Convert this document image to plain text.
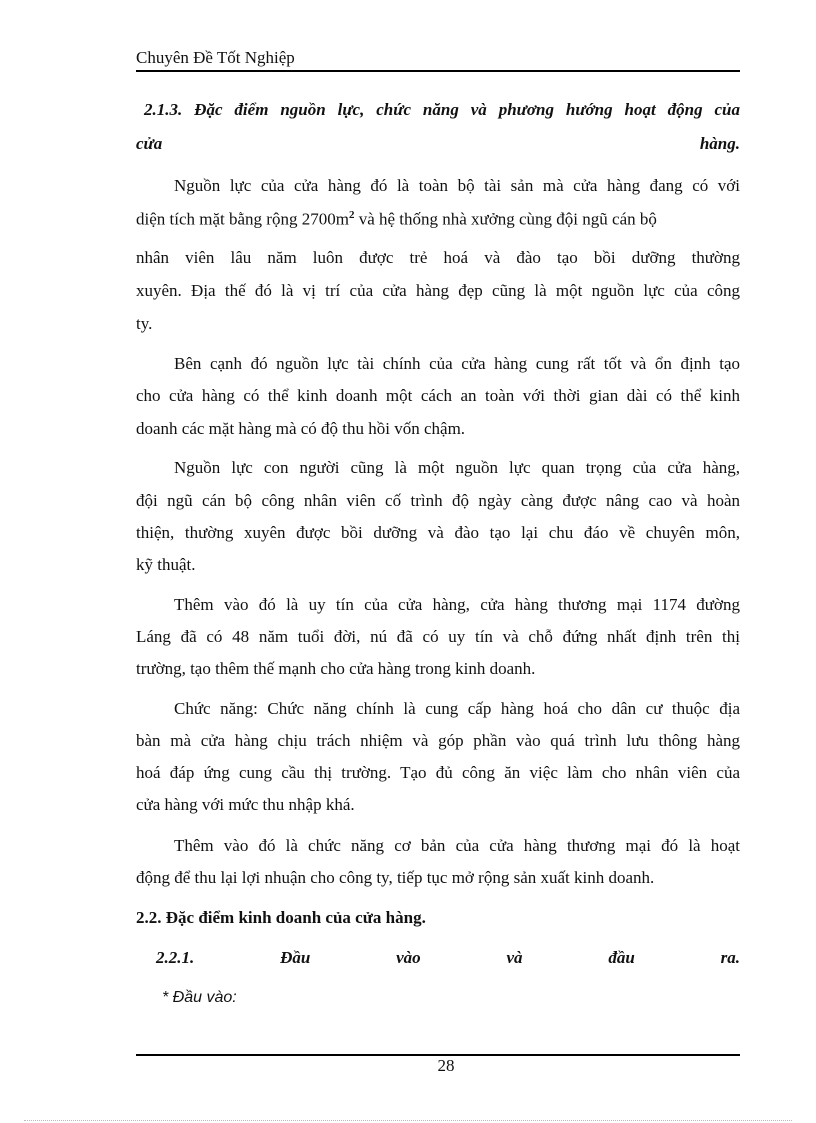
Chuyên Đề Tốt Nghiệp
2.1.3. Đặc điểm nguồn lực, chức năng và phương hướng hoạt động của
cửa	hàng.
Nguồn lực của cửa hàng đó là toàn bộ tài sản mà cửa hàng đang có với
diện tích mặt bằng rộng $2700m^2$ và hệ thống nhà xưởng cùng đội ngũ cán bộ
nhân viên lâu năm luôn được trẻ hoá và đào tạo bồi dưỡng thường
xuyên. Địa thế đó là vị trí của cửa hàng đẹp cũng là một nguồn lực của công
ty.
Bên cạnh đó nguồn lực tài chính của cửa hàng cung rất tốt và ổn định tạo
cho cửa hàng có thể kinh doanh một cách an toàn với thời gian dài có thể kinh
doanh các mặt hàng mà có độ thu hồi vốn chậm.
Nguồn lực con người cũng là một nguồn lực quan trọng của cửa hàng,
đội ngũ cán bộ công nhân viên cố trình độ ngày càng được nâng cao và hoàn
thiện, thường xuyên được bồi dưỡng và đào tạo lại chu đáo về chuyên môn,
kỹ thuật.
Thêm vào đó là uy tín của cửa hàng, cửa hàng thương mại 1174 đường
Láng đã có 48 năm tuổi đời, nú đã có uy tín và chỗ đứng nhất định trên thị
trường, tạo thêm thế mạnh cho cửa hàng trong kinh doanh.
Chức năng: Chức năng chính là cung cấp hàng hoá cho dân cư thuộc địa
bàn mà cửa hàng chịu trách nhiệm và góp phần vào quá trình lưu thông hàng
hoá đáp ứng cung cầu thị trường. Tạo đủ công ăn việc làm cho nhân viên của
cửa hàng với mức thu nhập khá.
Thêm vào đó là chức năng cơ bản của cửa hàng thương mại đó là hoạt
động để thu lại lợi nhuận cho công ty, tiếp tục mở rộng sản xuất kinh doanh.
2.2. Đặc điểm kinh doanh của cửa hàng.
2.2.1.	Đầu	vào	và	đầu	ra.
* Đầu vào:
28
